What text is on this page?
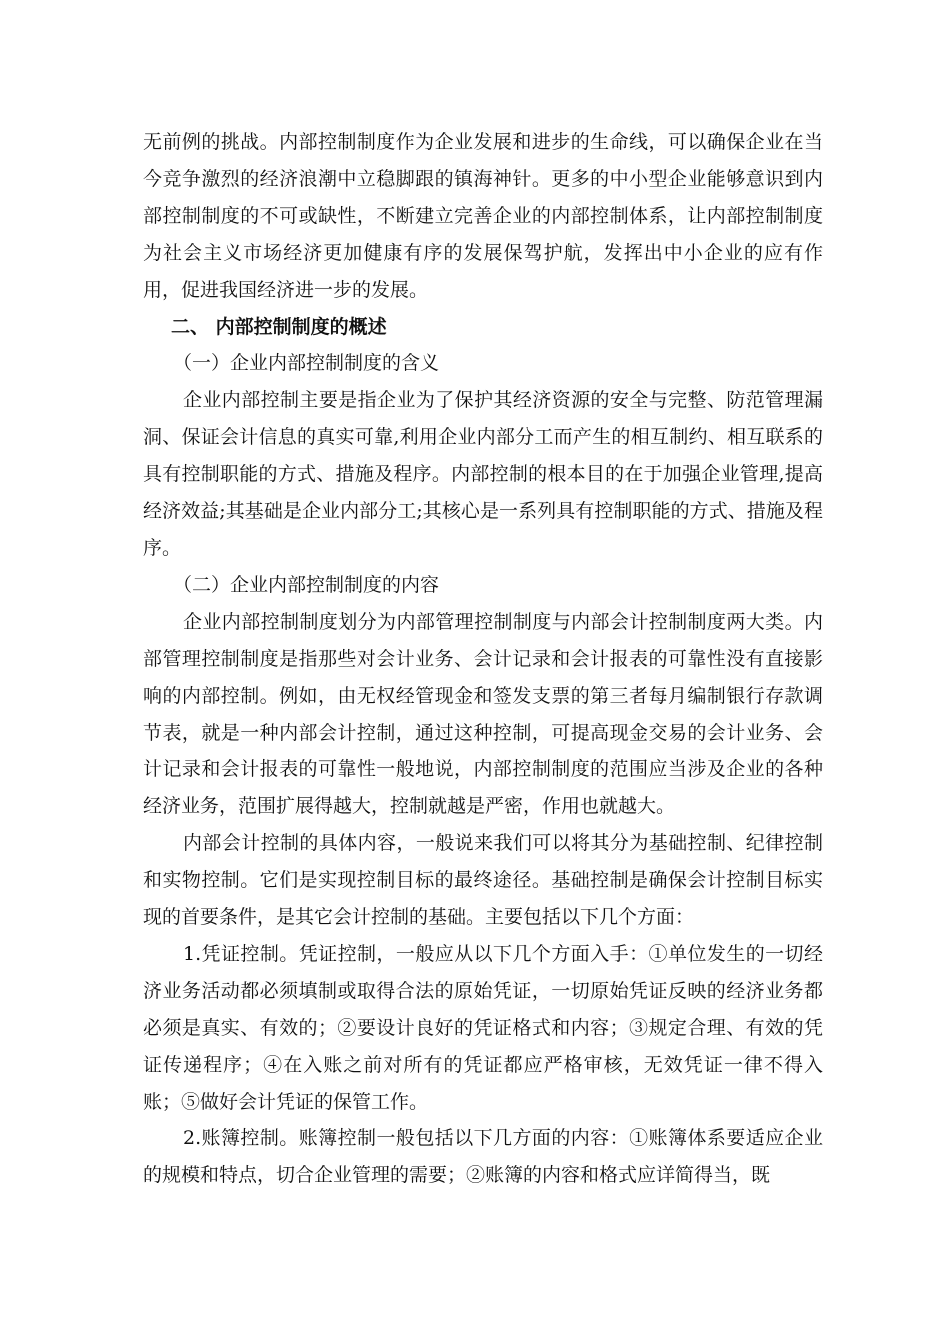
无前例的挑战。内部控制制度作为企业发展和进步的生命线，可以确保企业在当今竞争激烈的经济浪潮中立稳脚跟的镇海神针。更多的中小型企业能够意识到内部控制制度的不可或缺性，不断建立完善企业的内部控制体系，让内部控制制度为社会主义市场经济更加健康有序的发展保驾护航，发挥出中小企业的应有作用，促进我国经济进一步的发展。

二、 内部控制制度的概述

（一）企业内部控制制度的含义

企业内部控制主要是指企业为了保护其经济资源的安全与完整、防范管理漏洞、保证会计信息的真实可靠,利用企业内部分工而产生的相互制约、相互联系的具有控制职能的方式、措施及程序。内部控制的根本目的在于加强企业管理,提高经济效益;其基础是企业内部分工;其核心是一系列具有控制职能的方式、措施及程序。

（二）企业内部控制制度的内容

企业内部控制制度划分为内部管理控制制度与内部会计控制制度两大类。内部管理控制制度是指那些对会计业务、会计记录和会计报表的可靠性没有直接影响的内部控制。例如，由无权经管现金和签发支票的第三者每月编制银行存款调节表，就是一种内部会计控制，通过这种控制，可提高现金交易的会计业务、会计记录和会计报表的可靠性一般地说，内部控制制度的范围应当涉及企业的各种经济业务，范围扩展得越大，控制就越是严密，作用也就越大。

内部会计控制的具体内容，一般说来我们可以将其分为基础控制、纪律控制和实物控制。它们是实现控制目标的最终途径。基础控制是确保会计控制目标实现的首要条件，是其它会计控制的基础。主要包括以下几个方面：

1.凭证控制。凭证控制，一般应从以下几个方面入手：①单位发生的一切经济业务活动都必须填制或取得合法的原始凭证，一切原始凭证反映的经济业务都必须是真实、有效的；②要设计良好的凭证格式和内容；③规定合理、有效的凭证传递程序；④在入账之前对所有的凭证都应严格审核，无效凭证一律不得入账；⑤做好会计凭证的保管工作。

2.账簿控制。账簿控制一般包括以下几方面的内容：①账簿体系要适应企业的规模和特点，切合企业管理的需要；②账簿的内容和格式应详简得当，既
